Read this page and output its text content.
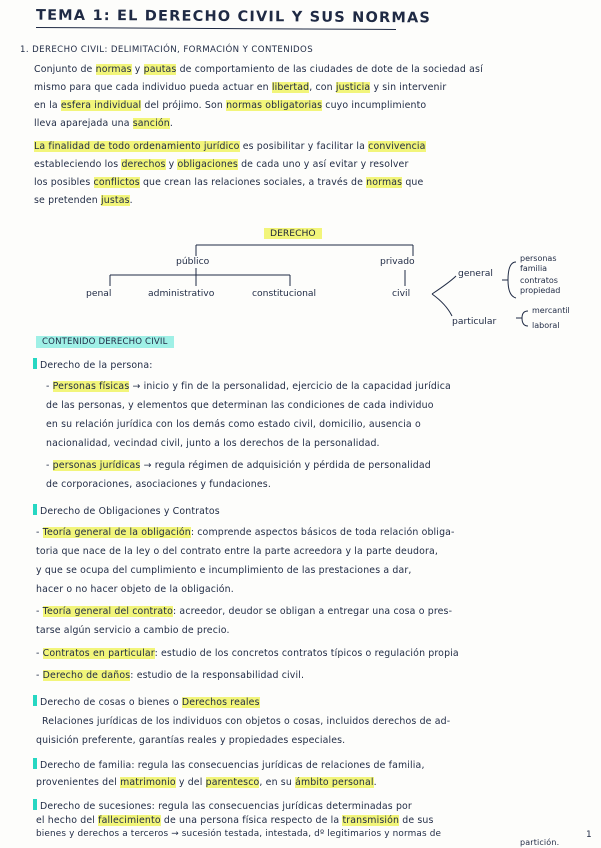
TEMA 1: EL DERECHO CIVIL Y SUS NORMAS
1. DERECHO CIVIL: DELIMITACIÓN, FORMACIÓN Y CONTENIDOS
Conjunto de normas y pautas de comportamiento de las ciudades de dote de la sociedad así
mismo para que cada individuo pueda actuar en libertad, con justicia y sin intervenir
en la esfera individual del prójimo. Son normas obligatorias cuyo incumplimiento
lleva aparejada una sanción.
La finalidad de todo ordenamiento jurídico es posibilitar y facilitar la convivencia
estableciendo los derechos y obligaciones de cada uno y así evitar y resolver
los posibles conflictos que crean las relaciones sociales, a través de normas que
se pretenden justas.
DERECHO
público	privado
penal	administrativo	constitucional	civil
general
personas
familia
contratos
propiedad
particular
mercantil
laboral
CONTENIDO DERECHO CIVIL
Derecho de la persona:
- Personas físicas → inicio y fin de la personalidad, ejercicio de la capacidad jurídica
de las personas, y elementos que determinan las condiciones de cada individuo
en su relación jurídica con los demás como estado civil, domicilio, ausencia o
nacionalidad, vecindad civil, junto a los derechos de la personalidad.
- personas jurídicas → regula régimen de adquisición y pérdida de personalidad
de corporaciones, asociaciones y fundaciones.
Derecho de Obligaciones y Contratos
- Teoría general de la obligación: comprende aspectos básicos de toda relación obliga-
toria que nace de la ley o del contrato entre la parte acreedora y la parte deudora,
y que se ocupa del cumplimiento e incumplimiento de las prestaciones a dar,
hacer o no hacer objeto de la obligación.
- Teoría general del contrato: acreedor, deudor se obligan a entregar una cosa o pres-
tarse algún servicio a cambio de precio.
- Contratos en particular: estudio de los concretos contratos típicos o regulación propia
- Derecho de daños: estudio de la responsabilidad civil.
Derecho de cosas o bienes o Derechos reales
Relaciones jurídicas de los individuos con objetos o cosas, incluidos derechos de ad-
quisición preferente, garantías reales y propiedades especiales.
Derecho de familia: regula las consecuencias jurídicas de relaciones de familia,
provenientes del matrimonio y del parentesco, en su ámbito personal.
Derecho de sucesiones: regula las consecuencias jurídicas determinadas por
el hecho del fallecimiento de una persona física respecto de la transmisión de sus
bienes y derechos a terceros → sucesión testada, intestada, dº legitimarios y normas de
partición.
1
